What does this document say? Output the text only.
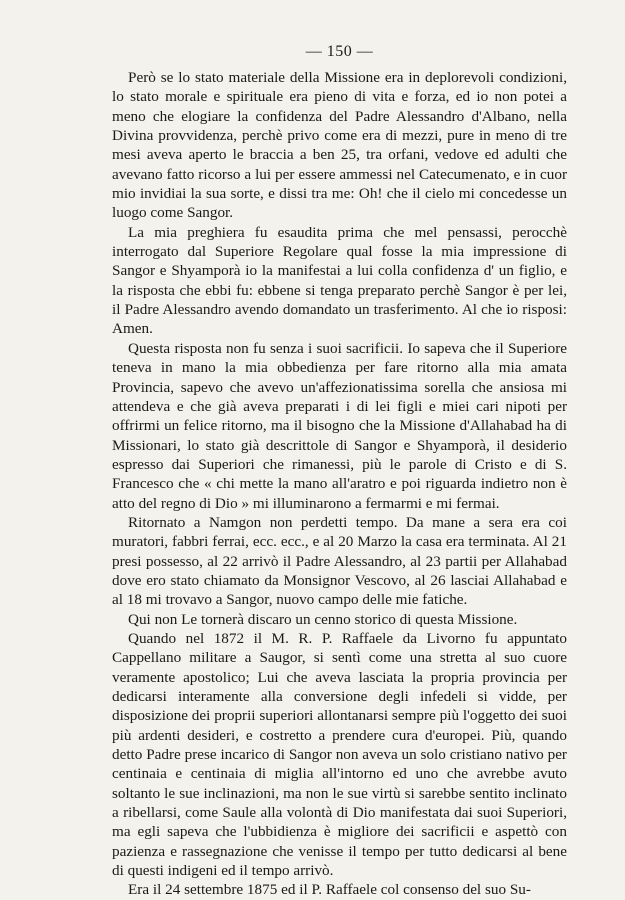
— 150 —

Però se lo stato materiale della Missione era in deplorevoli condizioni, lo stato morale e spirituale era pieno di vita e forza, ed io non potei a meno che elogiare la confidenza del Padre Alessandro d'Albano, nella Divina provvidenza, perchè privo come era di mezzi, pure in meno di tre mesi aveva aperto le braccia a ben 25, tra orfani, vedove ed adulti che avevano fatto ricorso a lui per essere ammessi nel Catecumenato, e in cuor mio invidiai la sua sorte, e dissi tra me: Oh! che il cielo mi concedesse un luogo come Sangor.

La mia preghiera fu esaudita prima che mel pensassi, perocchè interrogato dal Superiore Regolare qual fosse la mia impressione di Sangor e Shyamporà io la manifestai a lui colla confidenza d' un figlio, e la risposta che ebbi fu: ebbene si tenga preparato perchè Sangor è per lei, il Padre Alessandro avendo domandato un trasferimento. Al che io risposi: Amen.

Questa risposta non fu senza i suoi sacrificii. Io sapeva che il Superiore teneva in mano la mia obbedienza per fare ritorno alla mia amata Provincia, sapevo che avevo un'affezionatissima sorella che ansiosa mi attendeva e che già aveva preparati i di lei figli e miei cari nipoti per offrirmi un felice ritorno, ma il bisogno che la Missione d'Allahabad ha di Missionari, lo stato già descrittole di Sangor e Shyamporà, il desiderio espresso dai Superiori che rimanessi, più le parole di Cristo e di S. Francesco che « chi mette la mano all'aratro e poi riguarda indietro non è atto del regno di Dio » mi illuminarono a fermarmi e mi fermai.

Ritornato a Namgon non perdetti tempo. Da mane a sera era coi muratori, fabbri ferrai, ecc. ecc., e al 20 Marzo la casa era terminata. Al 21 presi possesso, al 22 arrivò il Padre Alessandro, al 23 partii per Allahabad dove ero stato chiamato da Monsignor Vescovo, al 26 lasciai Allahabad e al 18 mi trovavo a Sangor, nuovo campo delle mie fatiche.

Qui non Le tornerà discaro un cenno storico di questa Missione.

Quando nel 1872 il M. R. P. Raffaele da Livorno fu appuntato Cappellano militare a Saugor, si sentì come una stretta al suo cuore veramente apostolico; Lui che aveva lasciata la propria provincia per dedicarsi interamente alla conversione degli infedeli si vidde, per disposizione dei proprii superiori allontanarsi sempre più l'oggetto dei suoi più ardenti desideri, e costretto a prendere cura d'europei. Più, quando detto Padre prese incarico di Sangor non aveva un solo cristiano nativo per centinaia e centinaia di miglia all'intorno ed uno che avrebbe avuto soltanto le sue inclinazioni, ma non le sue virtù si sarebbe sentito inclinato a ribellarsi, come Saule alla volontà di Dio manifestata dai suoi Superiori, ma egli sapeva che l'ubbidienza è migliore dei sacrificii e aspettò con pazienza e rassegnazione che venisse il tempo per tutto dedicarsi al bene di questi indigeni ed il tempo arrivò.

Era il 24 settembre 1875 ed il P. Raffaele col consenso del suo Su-
